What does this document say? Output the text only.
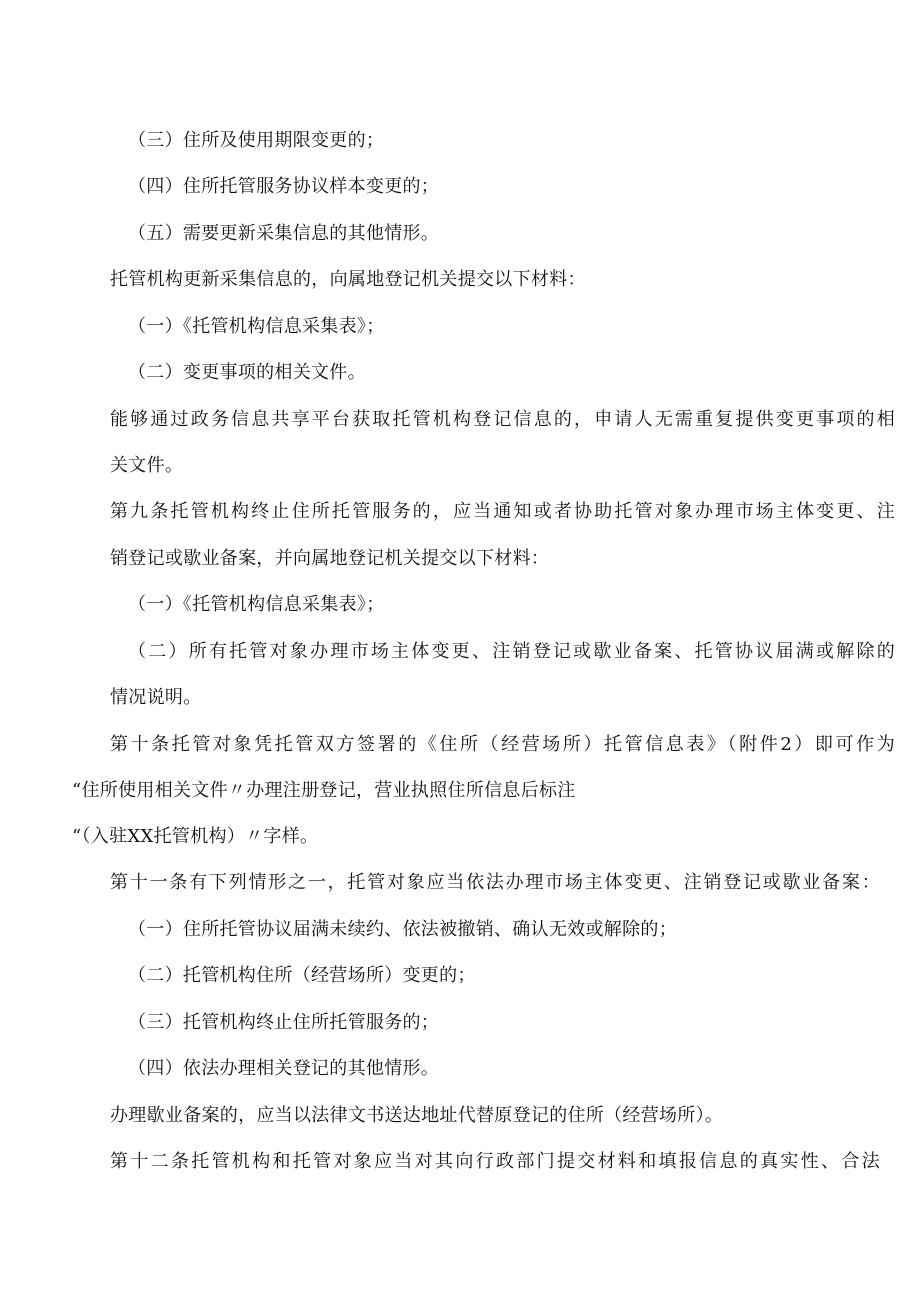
（三）住所及使用期限变更的；
（四）住所托管服务协议样本变更的；
（五）需要更新采集信息的其他情形。
托管机构更新采集信息的，向属地登记机关提交以下材料：
（一）《托管机构信息采集表》；
（二）变更事项的相关文件。
能够通过政务信息共享平台获取托管机构登记信息的，申请人无需重复提供变更事项的相
关文件。
第九条托管机构终止住所托管服务的，应当通知或者协助托管对象办理市场主体变更、注
销登记或歇业备案，并向属地登记机关提交以下材料：
（一）《托管机构信息采集表》；
（二）所有托管对象办理市场主体变更、注销登记或歇业备案、托管协议届满或解除的
情况说明。
第十条托管对象凭托管双方签署的《住所（经营场所）托管信息表》（附件2）即可作为
“住所使用相关文件〃办理注册登记，营业执照住所信息后标注
“（入驻XX托管机构）〃字样。
第十一条有下列情形之一，托管对象应当依法办理市场主体变更、注销登记或歇业备案：
（一）住所托管协议届满未续约、依法被撤销、确认无效或解除的；
（二）托管机构住所（经营场所）变更的；
（三）托管机构终止住所托管服务的；
（四）依法办理相关登记的其他情形。
办理歇业备案的，应当以法律文书送达地址代替原登记的住所（经营场所）。
第十二条托管机构和托管对象应当对其向行政部门提交材料和填报信息的真实性、合法
